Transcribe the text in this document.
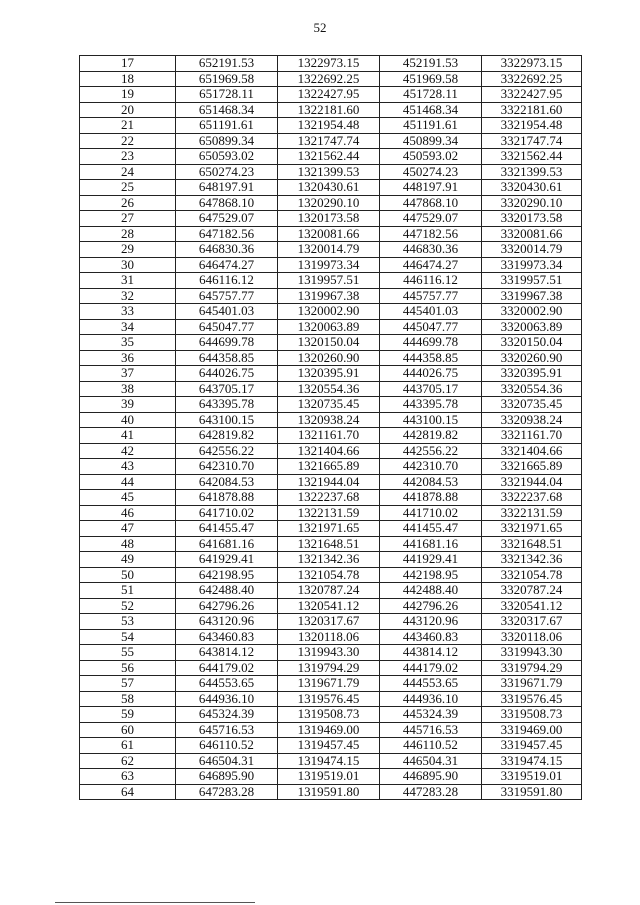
52
17	652191.53	1322973.15	452191.53	3322973.15
18	651969.58	1322692.25	451969.58	3322692.25
19	651728.11	1322427.95	451728.11	3322427.95
20	651468.34	1322181.60	451468.34	3322181.60
21	651191.61	1321954.48	451191.61	3321954.48
22	650899.34	1321747.74	450899.34	3321747.74
23	650593.02	1321562.44	450593.02	3321562.44
24	650274.23	1321399.53	450274.23	3321399.53
25	648197.91	1320430.61	448197.91	3320430.61
26	647868.10	1320290.10	447868.10	3320290.10
27	647529.07	1320173.58	447529.07	3320173.58
28	647182.56	1320081.66	447182.56	3320081.66
29	646830.36	1320014.79	446830.36	3320014.79
30	646474.27	1319973.34	446474.27	3319973.34
31	646116.12	1319957.51	446116.12	3319957.51
32	645757.77	1319967.38	445757.77	3319967.38
33	645401.03	1320002.90	445401.03	3320002.90
34	645047.77	1320063.89	445047.77	3320063.89
35	644699.78	1320150.04	444699.78	3320150.04
36	644358.85	1320260.90	444358.85	3320260.90
37	644026.75	1320395.91	444026.75	3320395.91
38	643705.17	1320554.36	443705.17	3320554.36
39	643395.78	1320735.45	443395.78	3320735.45
40	643100.15	1320938.24	443100.15	3320938.24
41	642819.82	1321161.70	442819.82	3321161.70
42	642556.22	1321404.66	442556.22	3321404.66
43	642310.70	1321665.89	442310.70	3321665.89
44	642084.53	1321944.04	442084.53	3321944.04
45	641878.88	1322237.68	441878.88	3322237.68
46	641710.02	1322131.59	441710.02	3322131.59
47	641455.47	1321971.65	441455.47	3321971.65
48	641681.16	1321648.51	441681.16	3321648.51
49	641929.41	1321342.36	441929.41	3321342.36
50	642198.95	1321054.78	442198.95	3321054.78
51	642488.40	1320787.24	442488.40	3320787.24
52	642796.26	1320541.12	442796.26	3320541.12
53	643120.96	1320317.67	443120.96	3320317.67
54	643460.83	1320118.06	443460.83	3320118.06
55	643814.12	1319943.30	443814.12	3319943.30
56	644179.02	1319794.29	444179.02	3319794.29
57	644553.65	1319671.79	444553.65	3319671.79
58	644936.10	1319576.45	444936.10	3319576.45
59	645324.39	1319508.73	445324.39	3319508.73
60	645716.53	1319469.00	445716.53	3319469.00
61	646110.52	1319457.45	446110.52	3319457.45
62	646504.31	1319474.15	446504.31	3319474.15
63	646895.90	1319519.01	446895.90	3319519.01
64	647283.28	1319591.80	447283.28	3319591.80
